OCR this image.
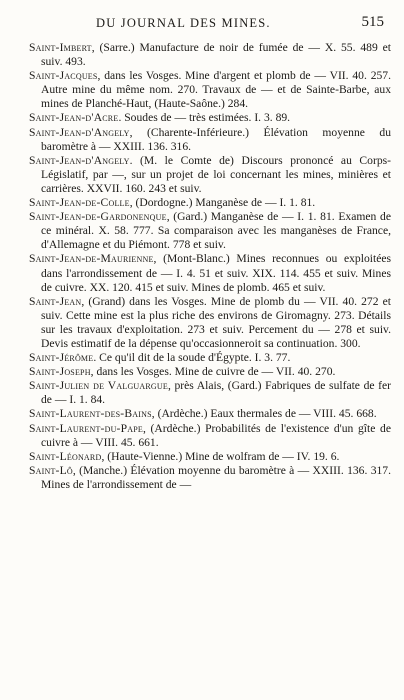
DU JOURNAL DES MINES.	515

Saint-Imbert, (Sarre.) Manufacture de noir de fumée de — X. 55. 489 et suiv. 493.

Saint-Jacques, dans les Vosges. Mine d'argent et plomb de — VII. 40. 257. Autre mine du même nom. 270. Travaux de — et de Sainte-Barbe, aux mines de Planché-Haut, (Haute-Saône.) 284.

Saint-Jean-d'Acre. Soudes de — très estimées. I. 3. 89.

Saint-Jean-d'Angely, (Charente-Inférieure.) Élévation moyenne du baromètre à — XXIII. 136. 316.

Saint-Jean-d'Angely. (M. le Comte de) Discours prononcé au Corps-Législatif, par —, sur un projet de loi concernant les mines, minières et carrières. XXVII. 160. 243 et suiv.

Saint-Jean-de-Colle, (Dordogne.) Manganèse de — I. 1. 81.

Saint-Jean-de-Gardonenque, (Gard.) Manganèse de — I. 1. 81. Examen de ce minéral. X. 58. 777. Sa comparaison avec les manganèses de France, d'Allemagne et du Piémont. 778 et suiv.

Saint-Jean-de-Maurienne, (Mont-Blanc.) Mines reconnues ou exploitées dans l'arrondissement de — I. 4. 51 et suiv. XIX. 114. 455 et suiv. Mines de cuivre. XX. 120. 415 et suiv. Mines de plomb. 465 et suiv.

Saint-Jean, (Grand) dans les Vosges. Mine de plomb du — VII. 40. 272 et suiv. Cette mine est la plus riche des environs de Giromagny. 273. Détails sur les travaux d'exploitation. 273 et suiv. Percement du — 278 et suiv. Devis estimatif de la dépense qu'occasionneroit sa continuation. 300.

Saint-Jérôme. Ce qu'il dit de la soude d'Égypte. I. 3. 77.

Saint-Joseph, dans les Vosges. Mine de cuivre de — VII. 40. 270.

Saint-Julien de Valguargue, près Alais, (Gard.) Fabriques de sulfate de fer de — I. 1. 84.

Saint-Laurent-des-Bains, (Ardèche.) Eaux thermales de — VIII. 45. 668.

Saint-Laurent-du-Pape, (Ardèche.) Probabilités de l'existence d'un gîte de cuivre à — VIII. 45. 661.

Saint-Léonard, (Haute-Vienne.) Mine de wolfram de — IV. 19. 6.

Saint-Lô, (Manche.) Élévation moyenne du baromètre à — XXIII. 136. 317. Mines de l'arrondissement de —
